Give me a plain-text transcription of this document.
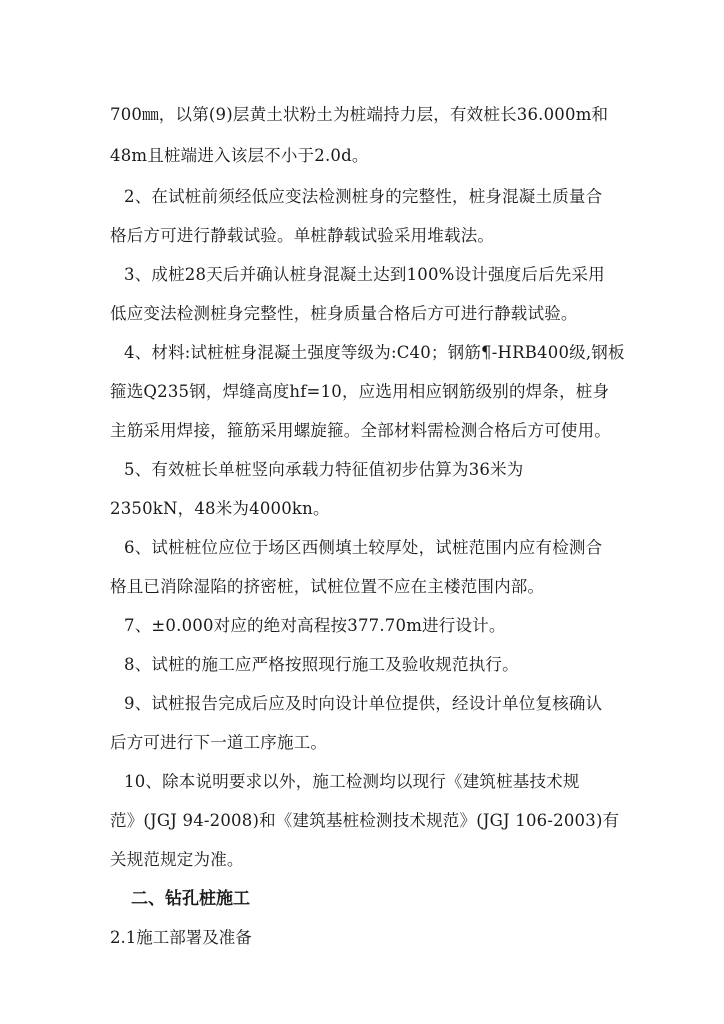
700㎜，以第(9)层黄土状粉土为桩端持力层，有效桩长36.000m和
48m且桩端进入该层不小于2.0d。
2、在试桩前须经低应变法检测桩身的完整性，桩身混凝土质量合
格后方可进行静载试验。单桩静载试验采用堆载法。
3、成桩28天后并确认桩身混凝土达到100%设计强度后后先采用
低应变法检测桩身完整性，桩身质量合格后方可进行静载试验。
4、材料:试桩桩身混凝土强度等级为:C40；钢筋¶-HRB400级,钢板
箍选Q235钢，焊缝高度hf=10，应选用相应钢筋级别的焊条，桩身
主筋采用焊接，箍筋采用螺旋箍。全部材料需检测合格后方可使用。
5、有效桩长单桩竖向承载力特征值初步估算为36米为
2350kN，48米为4000kn。
6、试桩桩位应位于场区西侧填土较厚处，试桩范围内应有检测合
格且已消除湿陷的挤密桩，试桩位置不应在主楼范围内部。
7、±0.000对应的绝对高程按377.70m进行设计。
8、试桩的施工应严格按照现行施工及验收规范执行。
9、试桩报告完成后应及时向设计单位提供，经设计单位复核确认
后方可进行下一道工序施工。
10、除本说明要求以外，施工检测均以现行《建筑桩基技术规
范》(JGJ 94-2008)和《建筑基桩检测技术规范》(JGJ 106-2003)有
关规范规定为准。
二、钻孔桩施工
2.1施工部署及准备
